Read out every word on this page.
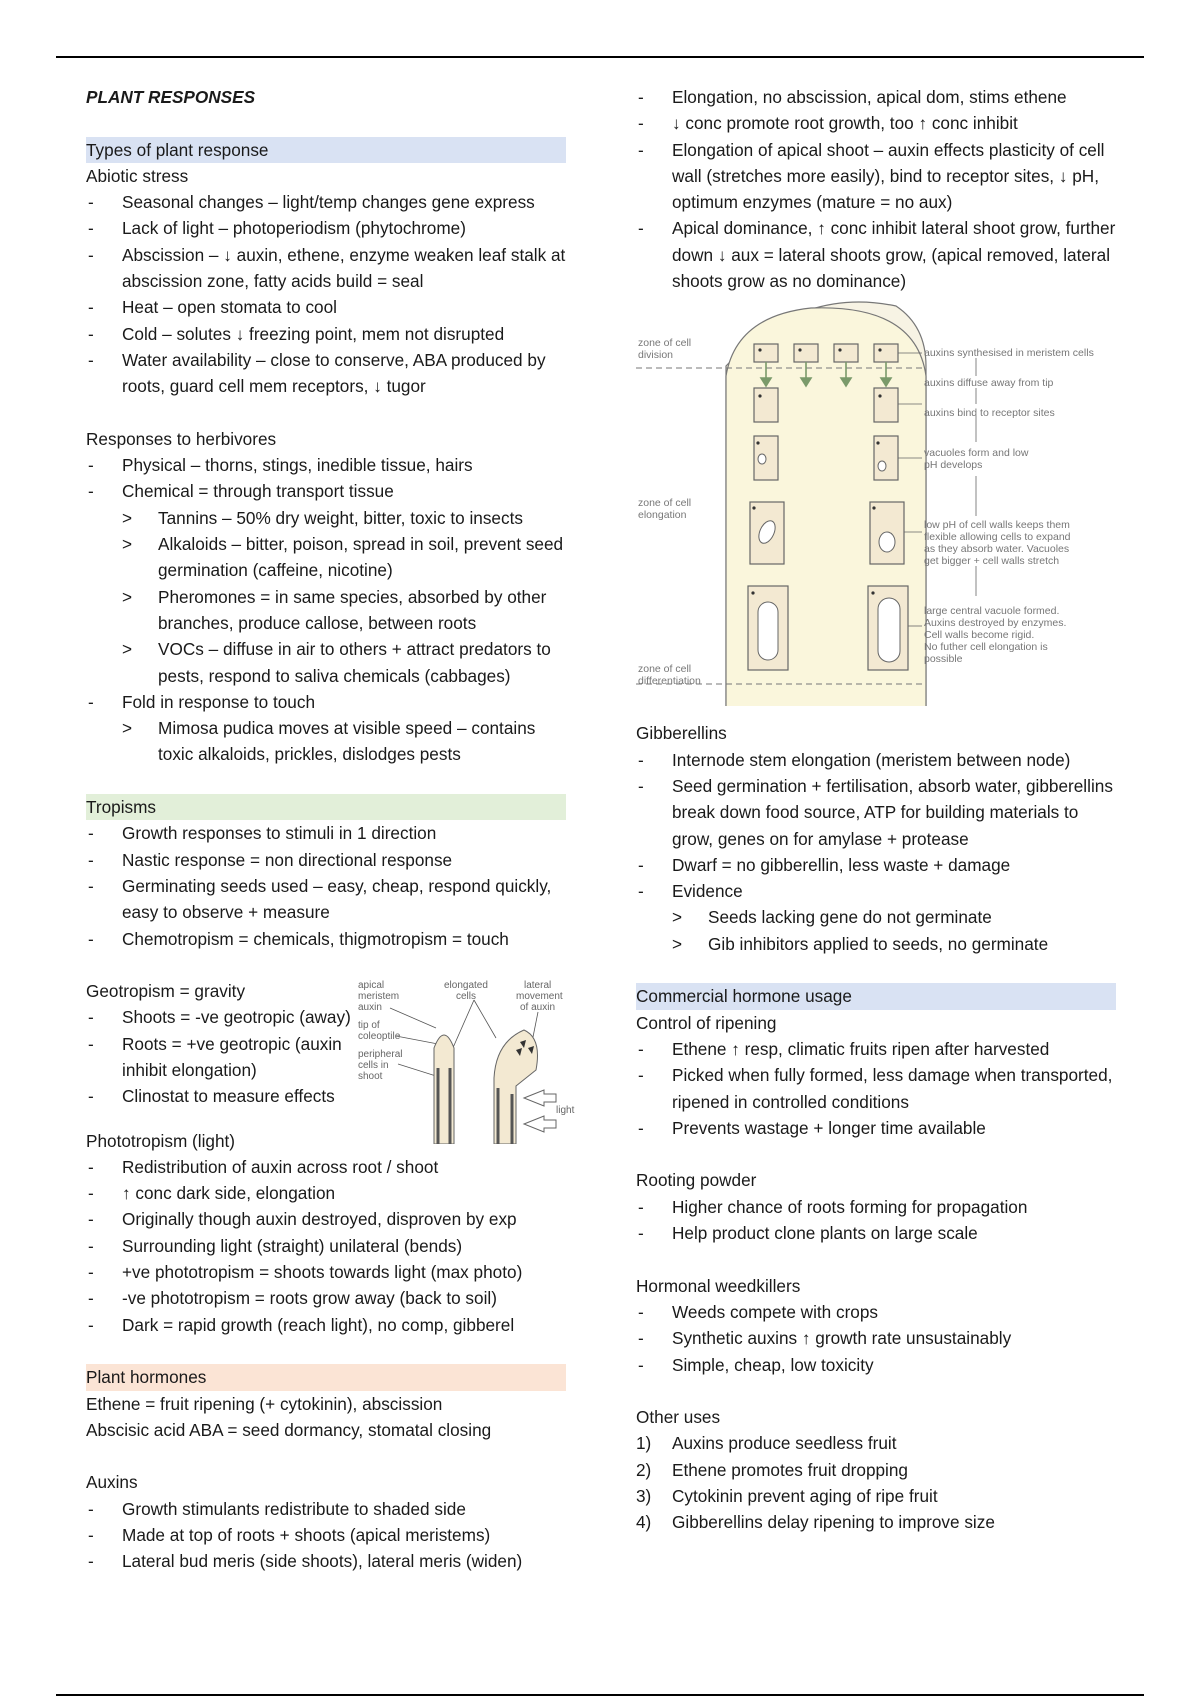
PLANT RESPONSES
Types of plant response
Abiotic stress
- Seasonal changes – light/temp changes gene express
- Lack of light – photoperiodism (phytochrome)
- Abscission – ↓ auxin, ethene, enzyme weaken leaf stalk at abscission zone, fatty acids build = seal
- Heat – open stomata to cool
- Cold – solutes ↓ freezing point, mem not disrupted
- Water availability – close to conserve, ABA produced by roots, guard cell mem receptors, ↓ tugor
Responses to herbivores
- Physical – thorns, stings, inedible tissue, hairs
- Chemical = through transport tissue
> Tannins – 50% dry weight, bitter, toxic to insects
> Alkaloids – bitter, poison, spread in soil, prevent seed germination (caffeine, nicotine)
> Pheromones = in same species, absorbed by other branches, produce callose, between roots
> VOCs – diffuse in air to others + attract predators to pests, respond to saliva chemicals (cabbages)
- Fold in response to touch
> Mimosa pudica moves at visible speed – contains toxic alkaloids, prickles, dislodges pests
Tropisms
- Growth responses to stimuli in 1 direction
- Nastic response = non directional response
- Germinating seeds used – easy, cheap, respond quickly, easy to observe + measure
- Chemotropism = chemicals, thigmotropism = touch
Geotropism = gravity
- Shoots = -ve geotropic (away)
- Roots = +ve geotropic (auxin inhibit elongation)
- Clinostat to measure effects
apical
meristem
auxin
tip of
coleoptile
peripheral
cells in
shoot
elongated
cells
lateral
movement
of auxin
light
Phototropism (light)
- Redistribution of auxin across root / shoot
- ↑ conc dark side, elongation
- Originally though auxin destroyed, disproven by exp
- Surrounding light (straight) unilateral (bends)
- +ve phototropism = shoots towards light (max photo)
- -ve phototropism = roots grow away (back to soil)
- Dark = rapid growth (reach light), no comp, gibberel
Plant hormones
Ethene = fruit ripening (+ cytokinin), abscission
Abscisic acid ABA = seed dormancy, stomatal closing
Auxins
- Growth stimulants redistribute to shaded side
- Made at top of roots + shoots (apical meristems)
- Lateral bud meris (side shoots), lateral meris (widen)
- Elongation, no abscission, apical dom, stims ethene
- ↓ conc promote root growth, too ↑ conc inhibit
- Elongation of apical shoot – auxin effects plasticity of cell wall (stretches more easily), bind to receptor sites, ↓ pH, optimum enzymes (mature = no aux)
- Apical dominance, ↑ conc inhibit lateral shoot grow, further down ↓ aux = lateral shoots grow, (apical removed, lateral shoots grow as no dominance)
zone of cell
division
zone of cell
elongation
zone of cell
differentiation
auxins synthesised in meristem cells
auxins diffuse away from tip
auxins bind to receptor sites
vacuoles form and low
pH develops
low pH of cell walls keeps them
flexible allowing cells to expand
as they absorb water. Vacuoles
get bigger + cell walls stretch
large central vacuole formed.
Auxins destroyed by enzymes.
Cell walls become rigid.
No futher cell elongation is
possible
Gibberellins
- Internode stem elongation (meristem between node)
- Seed germination + fertilisation, absorb water, gibberellins break down food source, ATP for building materials to grow, genes on for amylase + protease
- Dwarf = no gibberellin, less waste + damage
- Evidence
> Seeds lacking gene do not germinate
> Gib inhibitors applied to seeds, no germinate
Commercial hormone usage
Control of ripening
- Ethene ↑ resp, climatic fruits ripen after harvested
- Picked when fully formed, less damage when transported, ripened in controlled conditions
- Prevents wastage + longer time available
Rooting powder
- Higher chance of roots forming for propagation
- Help product clone plants on large scale
Hormonal weedkillers
- Weeds compete with crops
- Synthetic auxins ↑ growth rate unsustainably
- Simple, cheap, low toxicity
Other uses
1) Auxins produce seedless fruit
2) Ethene promotes fruit dropping
3) Cytokinin prevent aging of ripe fruit
4) Gibberellins delay ripening to improve size
